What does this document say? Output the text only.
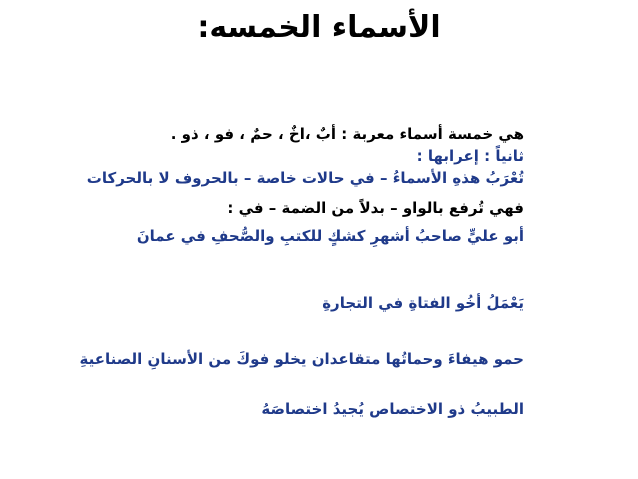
الأسماء الخمسه:
هي خمسة أسماء معربة : أبٌ ،اخٌ ، حمٌ ، فو ، ذو .
ثانياً : إعرابها :
تُعْرَبُ هذهِ الأسماءُ – في حالات خاصة – بالحروف لا بالحركات
فهي تُرفع بالواو – بدلاً من الضمة – في :
أبو عليٍّ صاحبُ أشهرِ كشكٍ للكتبِ والصُّحفِ في عمانَ
يَعْمَلُ أخُو الفتاةِ في التجارةِ
حمو هيفاءَ وحماتُها متقاعدان يخلو فوكَ من الأسنانِ الصناعيةِ
الطبيبُ ذو الاختصاص يُجيدُ اختصاصَهُ
